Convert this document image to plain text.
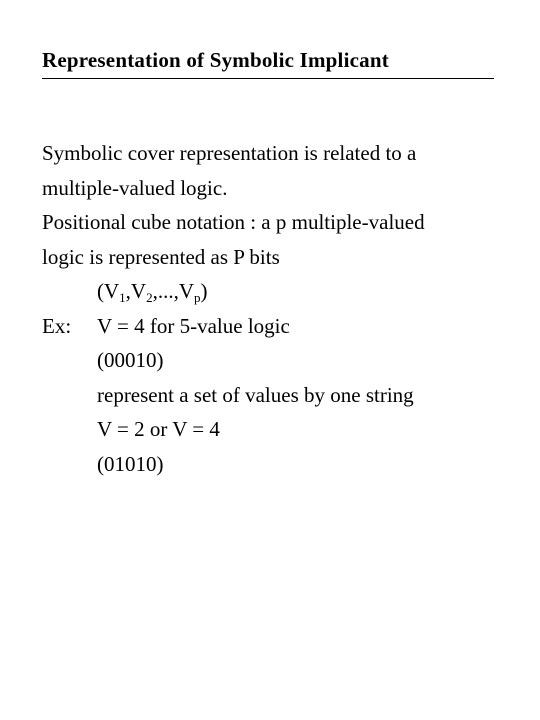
Representation of Symbolic Implicant
Symbolic cover representation is related to a
multiple-valued logic.
Positional cube notation : a p multiple-valued
logic is represented as P bits
$(V_1,V_2,...,V_p)$
Ex: V = 4 for 5-value logic
(00010)
represent a set of values by one string
V = 2 or V = 4
(01010)
